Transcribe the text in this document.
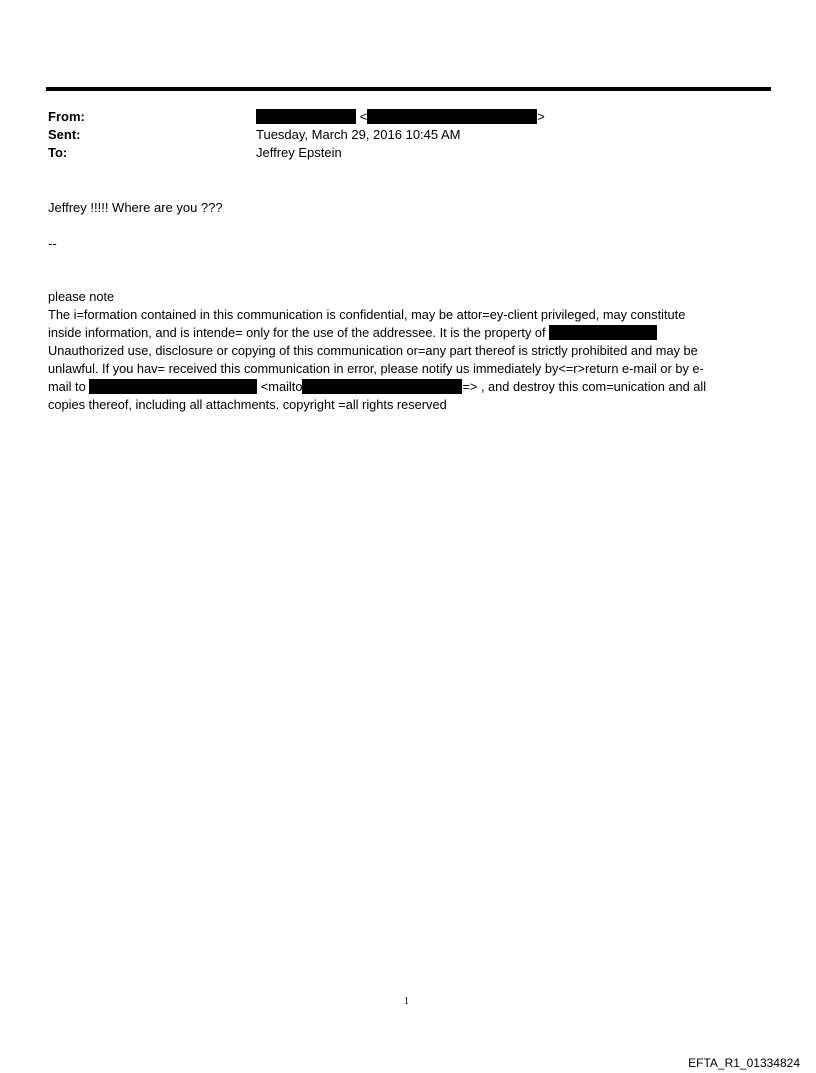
From:	<	>
Sent:	Tuesday, March 29, 2016 10:45 AM
To:	Jeffrey Epstein
Jeffrey !!!!! Where are you ???
--
please note
The i=formation contained in this communication is confidential, may be attor=ey-client privileged, may constitute
inside information, and is intende= only for the use of the addressee. It is the property of
Unauthorized use, disclosure or copying of this communication or=any part thereof is strictly prohibited and may be
unlawful. If you hav= received this communication in error, please notify us immediately by<=r>return e-mail or by e-
mail to	<mailto	=> , and destroy this com=unication and all
copies thereof, including all attachments. copyright =all rights reserved
1
EFTA_R1_01334824
